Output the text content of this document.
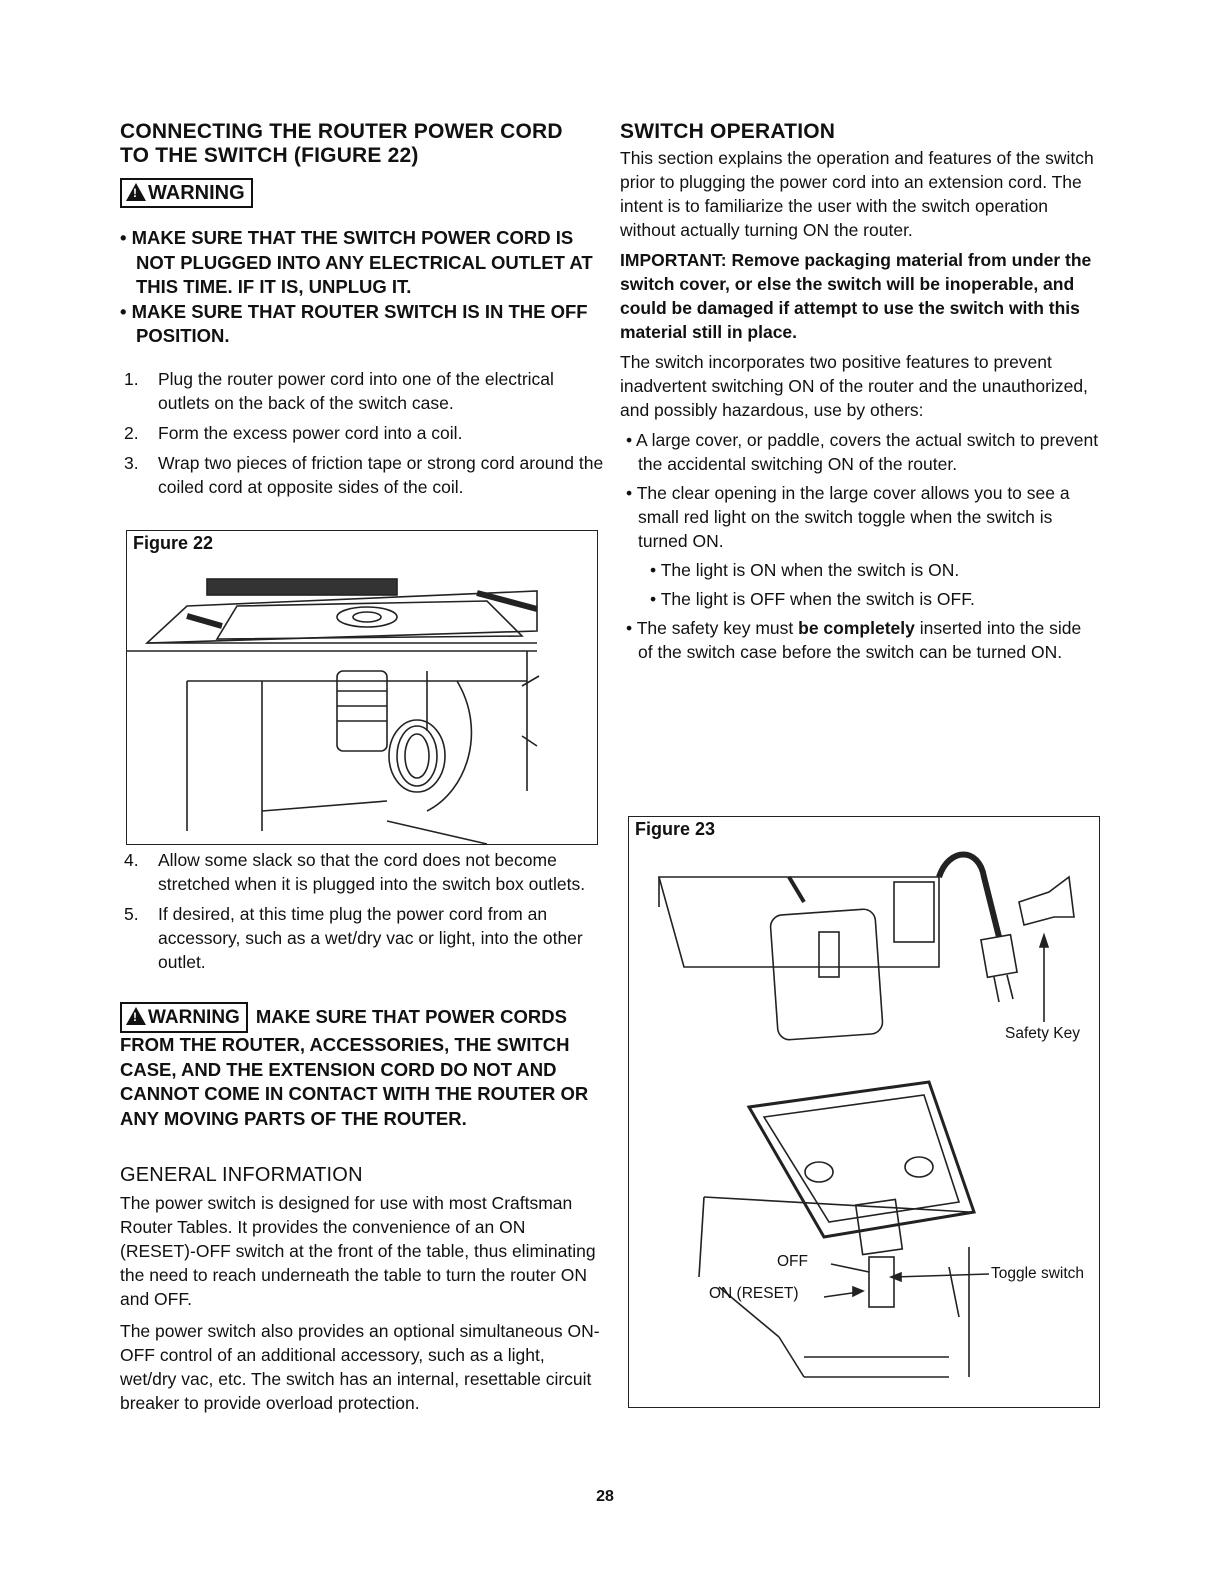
CONNECTING THE ROUTER POWER CORD
TO THE SWITCH (FIGURE 22)
!WARNING
• MAKE SURE THAT THE SWITCH POWER CORD IS NOT PLUGGED INTO ANY ELECTRICAL OUTLET AT THIS TIME. IF IT IS, UNPLUG IT.
• MAKE SURE THAT ROUTER SWITCH IS IN THE OFF POSITION.
1. Plug the router power cord into one of the electrical outlets on the back of the switch case.
2. Form the excess power cord into a coil.
3. Wrap two pieces of friction tape or strong cord around the coiled cord at opposite sides of the coil.
Figure 22
4. Allow some slack so that the cord does not become stretched when it is plugged into the switch box outlets.
5. If desired, at this time plug the power cord from an accessory, such as a wet/dry vac or light, into the other outlet.
!WARNING MAKE SURE THAT POWER CORDS FROM THE ROUTER, ACCESSORIES, THE SWITCH CASE, AND THE EXTENSION CORD DO NOT AND CANNOT COME IN CONTACT WITH THE ROUTER OR ANY MOVING PARTS OF THE ROUTER.
GENERAL INFORMATION

The power switch is designed for use with most Craftsman Router Tables. It provides the convenience of an ON (RESET)-OFF switch at the front of the table, thus eliminating the need to reach underneath the table to turn the router ON and OFF.

The power switch also provides an optional simultaneous ON-OFF control of an additional accessory, such as a light, wet/dry vac, etc. The switch has an internal, resettable circuit breaker to provide overload protection.

SWITCH OPERATION

This section explains the operation and features of the switch prior to plugging the power cord into an extension cord. The intent is to familiarize the user with the switch operation without actually turning ON the router.

IMPORTANT: Remove packaging material from under the switch cover, or else the switch will be inoperable, and could be damaged if attempt to use the switch with this material still in place.

The switch incorporates two positive features to prevent inadvertent switching ON of the router and the unauthorized, and possibly hazardous, use by others:

• A large cover, or paddle, covers the actual switch to prevent the accidental switching ON of the router.
• The clear opening in the large cover allows you to see a small red light on the switch toggle when the switch is turned ON.
• The light is ON when the switch is ON.
• The light is OFF when the switch is OFF.
• The safety key must be completely inserted into the side of the switch case before the switch can be turned ON.
Figure 23
Safety Key
OFF
ON (RESET)
Toggle switch
28
